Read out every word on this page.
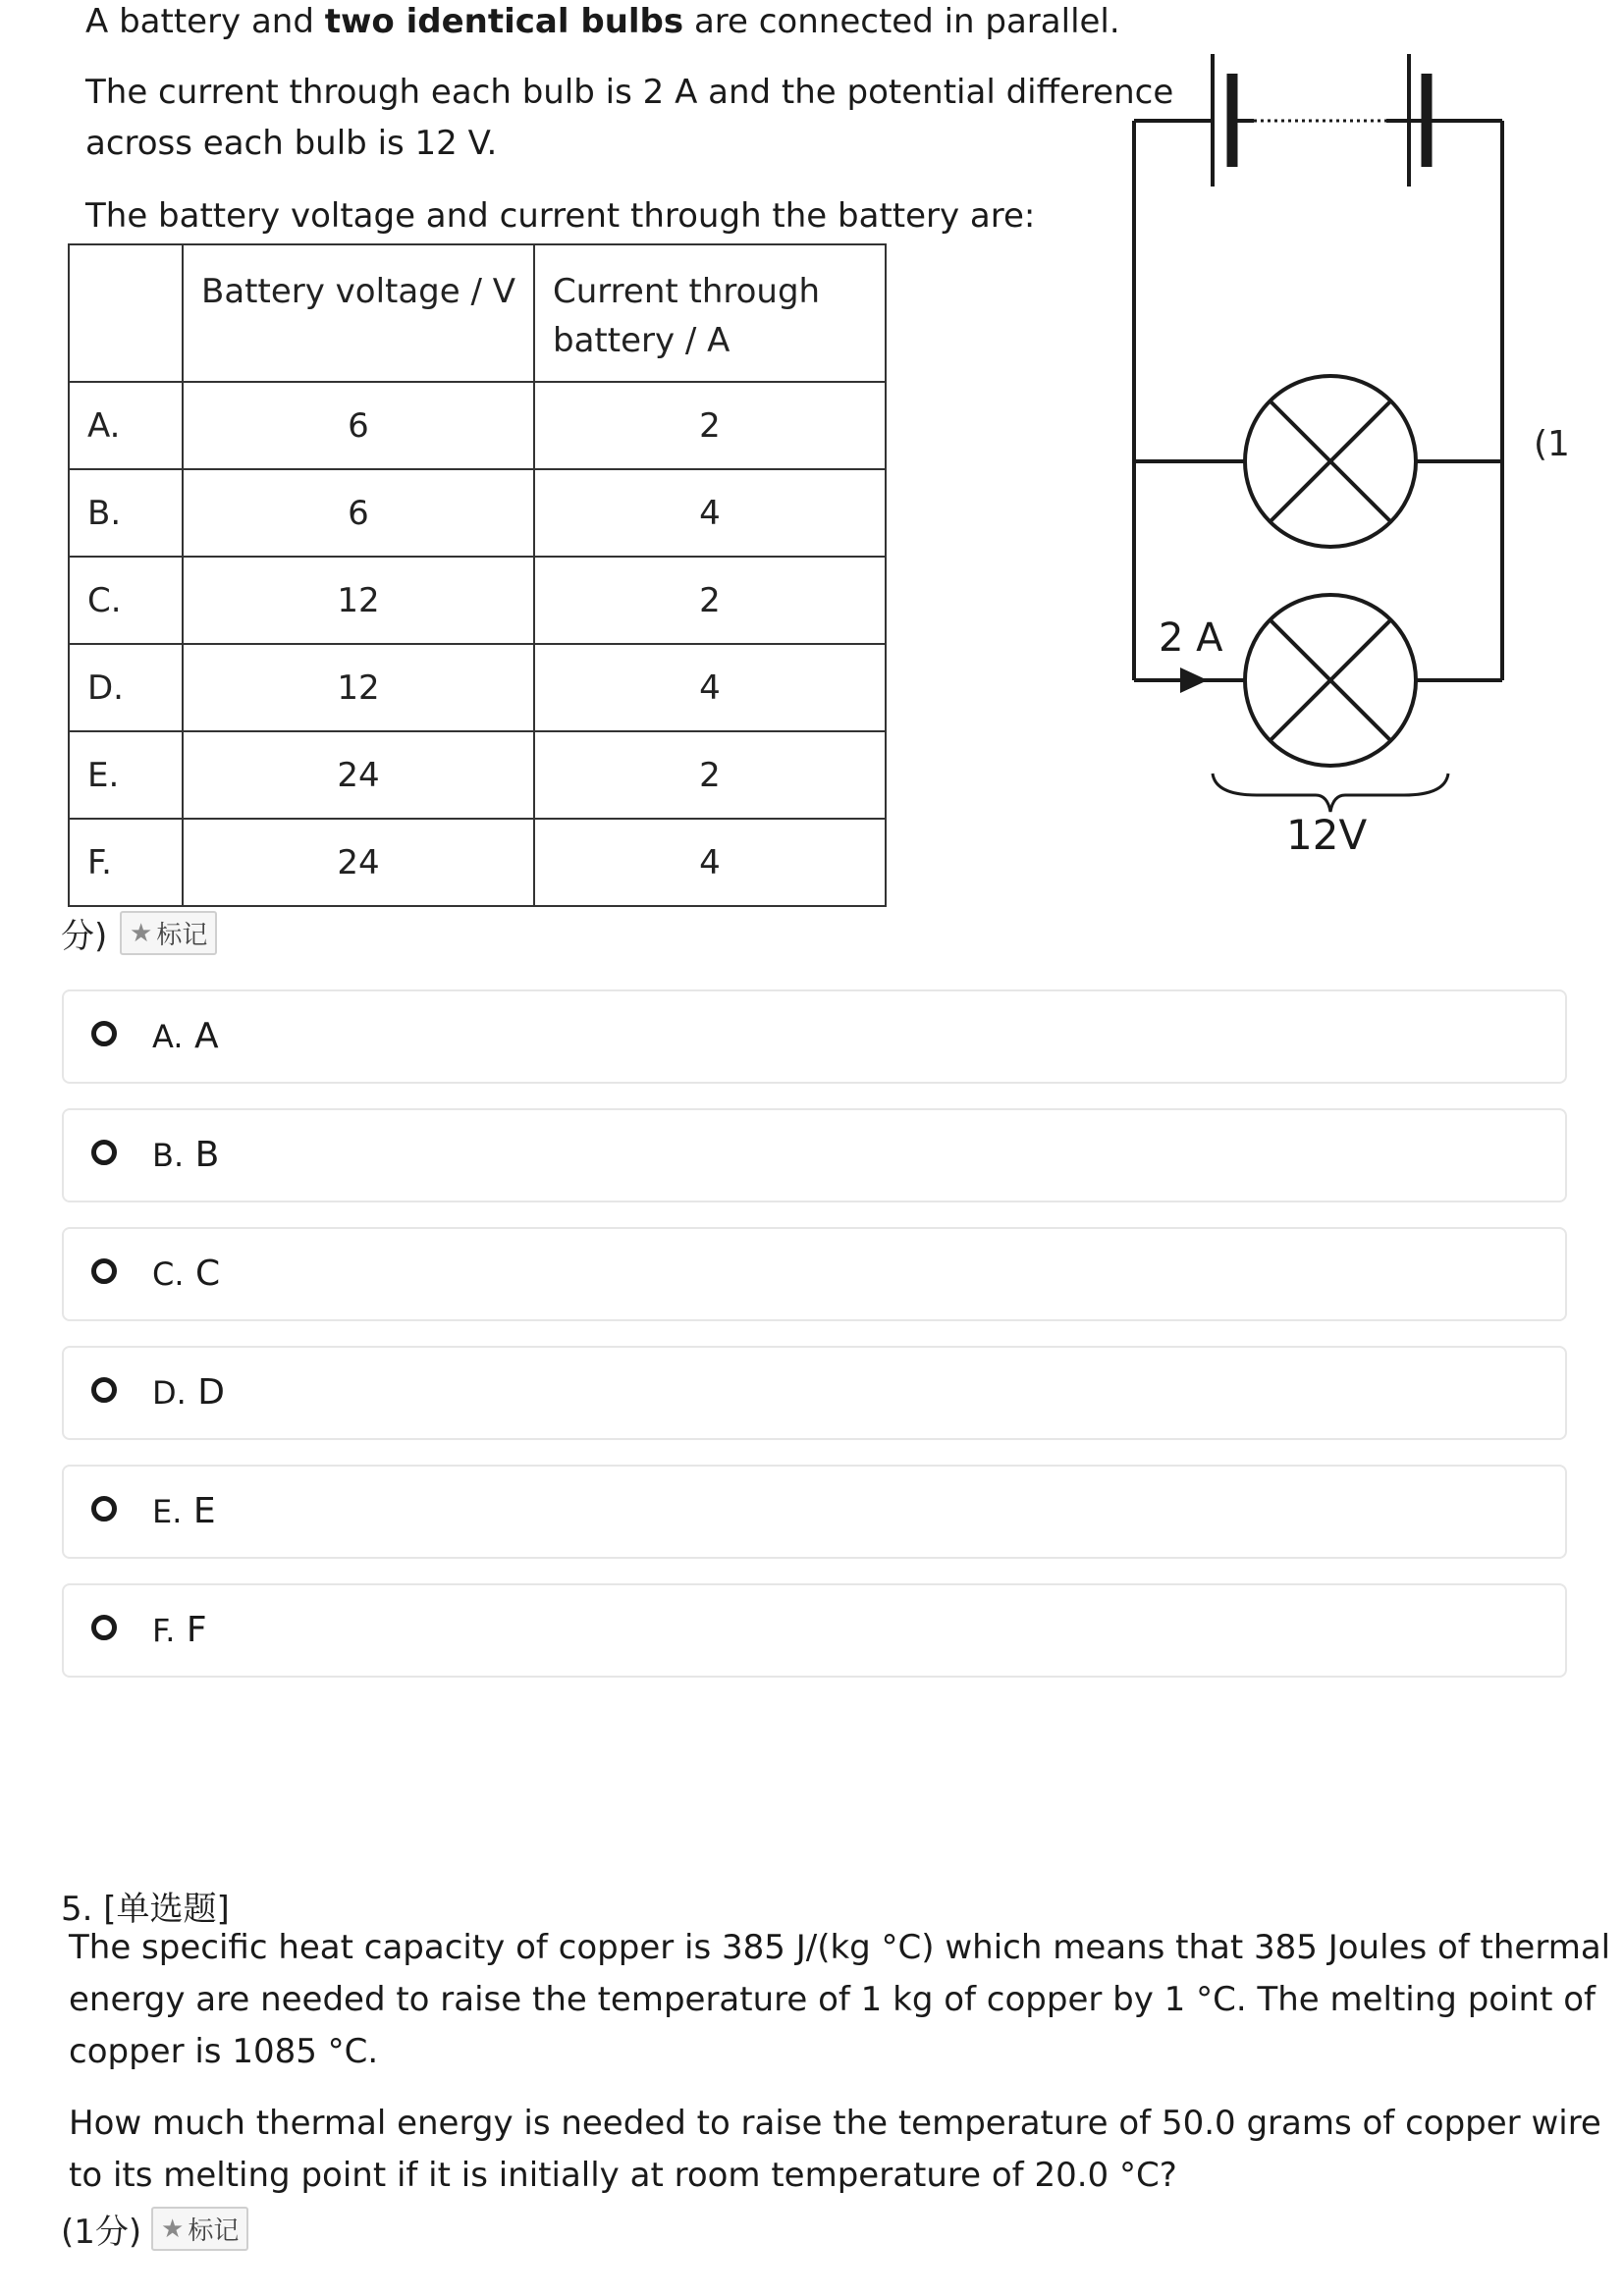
A battery and two identical bulbs are connected in parallel.
The current through each bulb is 2 A and the potential difference
across each bulb is 12 V.
The battery voltage and current through the battery are:

	Battery voltage / V	Current through
battery / A

A.	6	2
B.	6	4
C.	12	2
D.	12	4
E.	24	2
F.	24	4
2 A
12V
(1
分) ★ 标记
A. A
B. B
C. C
D. D
E. E
F. F
5. [单选题]
The specific heat capacity of copper is 385 J/(kg °C) which means that 385 Joules of thermal
energy are needed to raise the temperature of 1 kg of copper by 1 °C. The melting point of
copper is 1085 °C.
How much thermal energy is needed to raise the temperature of 50.0 grams of copper wire
to its melting point if it is initially at room temperature of 20.0 °C?
(1分) ★ 标记
